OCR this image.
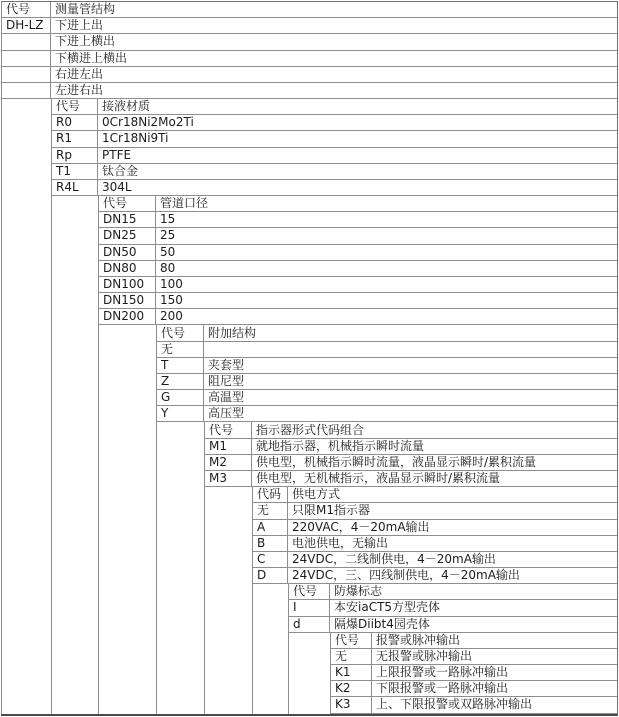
代号	测量管结构
DH-LZ 下进上出
下进上横出
下横进上横出
右进左出
左进右出
代号	接液材质
R0	0Cr18Ni2Mo2Ti
R1	1Cr18Ni9Ti
Rp	PTFE
T1	钛合金
R4L	304L
代号	管道口径
DN15	15
DN25	25
DN50	50
DN80	80
DN100	100
DN150	150
DN200	200
代号	附加结构
无
T	夹套型
Z	阻尼型
G	高温型
Y	高压型
代号	指示器形式代码组合
M1	就地指示器，机械指示瞬时流量
M2	供电型，机械指示瞬时流量，液晶显示瞬时/累积流量
M3	供电型，无机械指示，液晶显示瞬时/累积流量
代码 供电方式
无	只限M1指示器
A	220VAC，4－20mA输出
B	电池供电，无输出
C	24VDC，二线制供电，4－20mA输出
D	24VDC，三、四线制供电，4－20mA输出
代号	防爆标志
I	本安iaCT5方型壳体
d	隔爆Diibt4园壳体
代号	报警或脉冲输出
无	无报警或脉冲输出
K1	上限报警或一路脉冲输出
K2	下限报警或一路脉冲输出
K3	上、下限报警或双路脉冲输出
